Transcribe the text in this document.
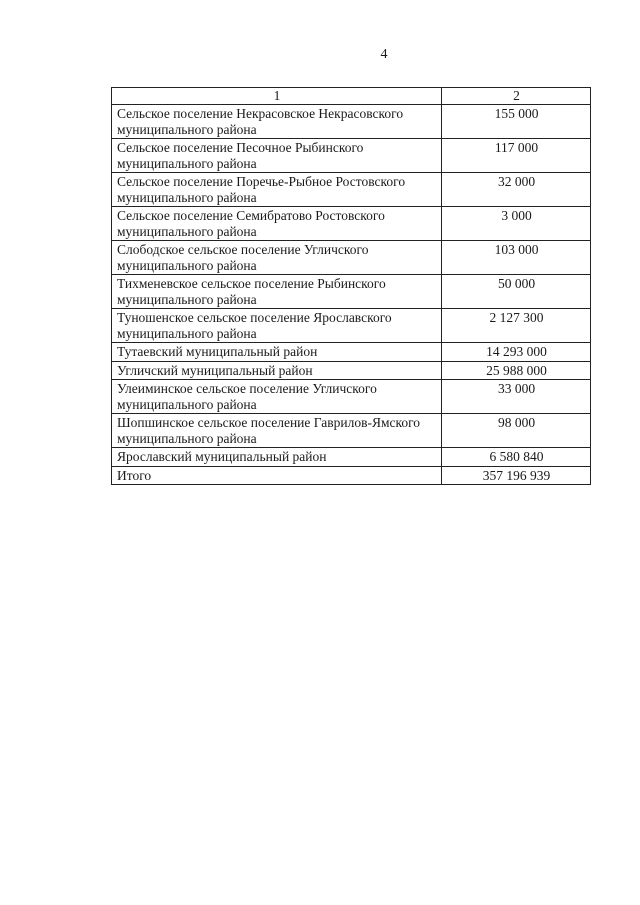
4
1	2
Сельское поселение Некрасовское Некрасовского муниципального района	155 000
Сельское поселение Песочное Рыбинского муниципального района	117 000
Сельское поселение Поречье-Рыбное Ростовского муниципального района	32 000
Сельское поселение Семибратово Ростовского муниципального района	3 000
Слободское сельское поселение Угличского муниципального района	103 000
Тихменевское сельское поселение Рыбинского муниципального района	50 000
Туношенское сельское поселение Ярославского муниципального района	2 127 300
Тутаевский муниципальный район	14 293 000
Угличский муниципальный район	25 988 000
Улеиминское сельское поселение Угличского муниципального района	33 000
Шопшинское сельское поселение Гаврилов-Ямского муниципального района	98 000
Ярославский муниципальный район	6 580 840
Итого	357 196 939
